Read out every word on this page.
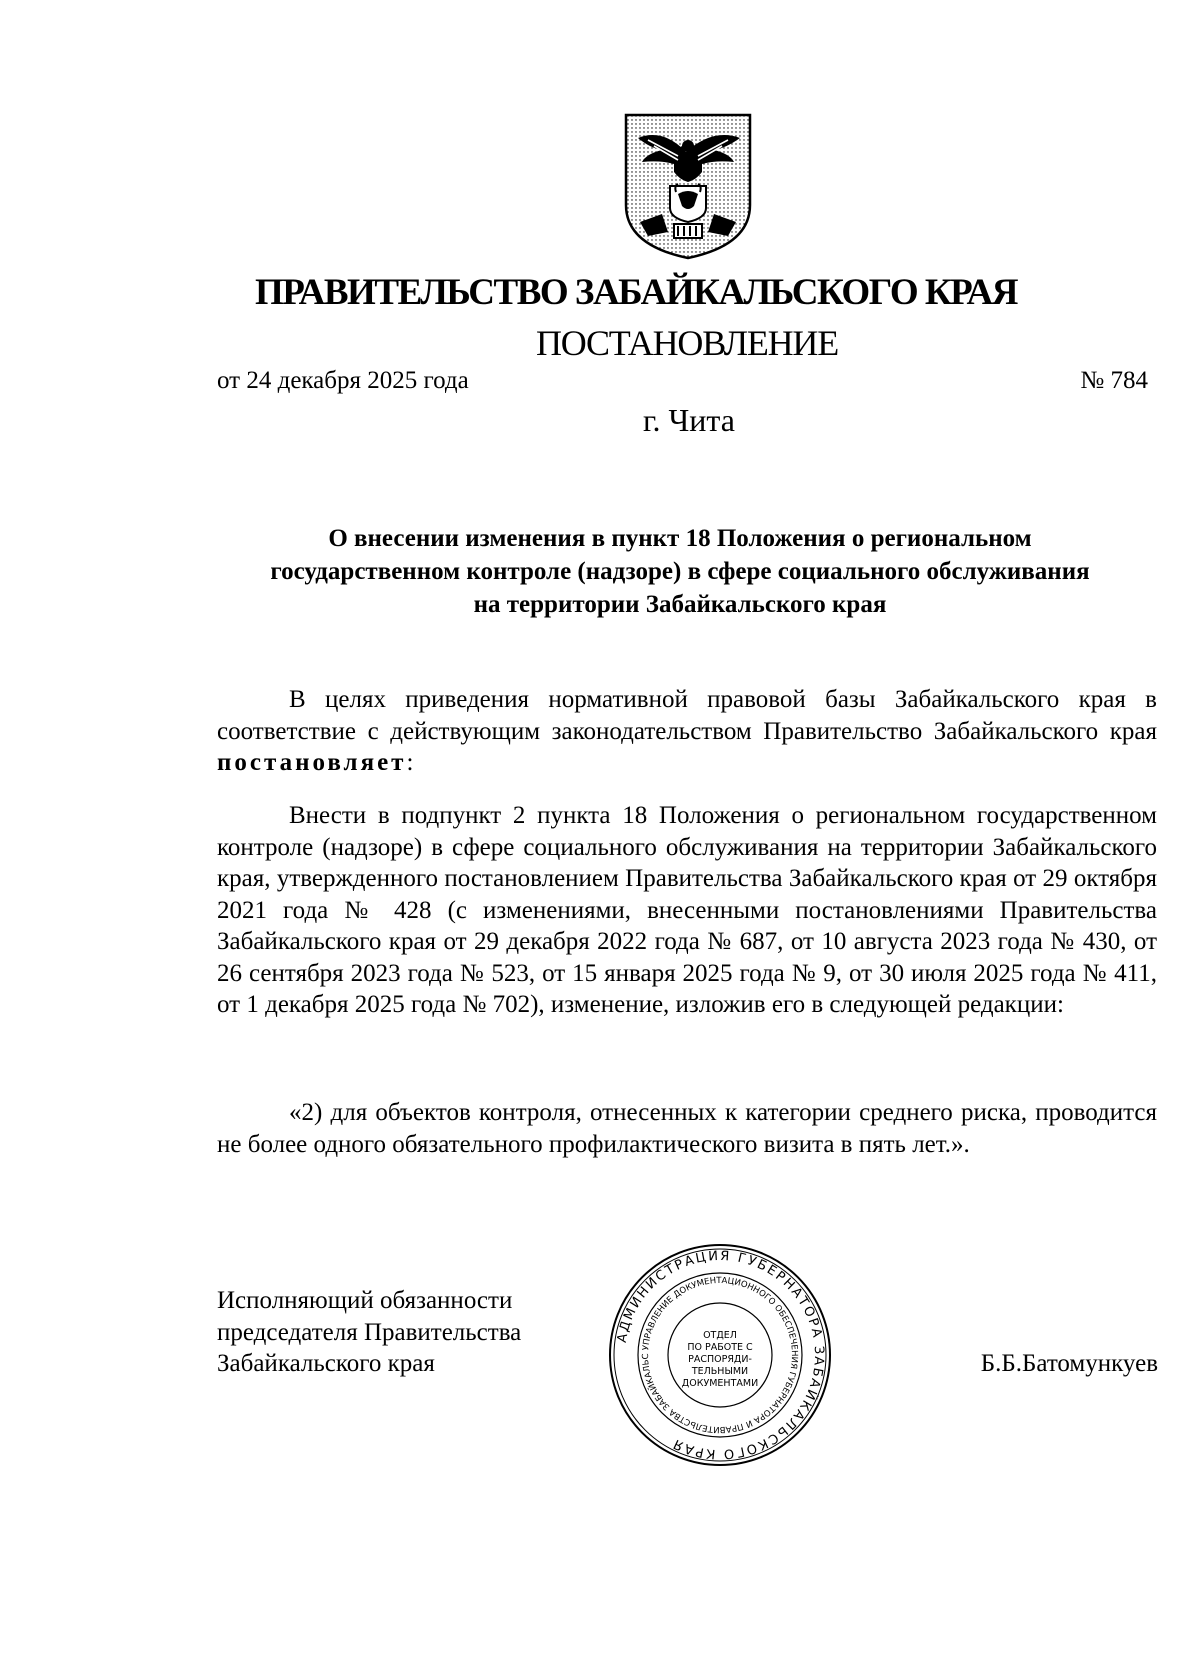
ПРАВИТЕЛЬСТВО ЗАБАЙКАЛЬСКОГО КРАЯ
ПОСТАНОВЛЕНИЕ
от 24 декабря 2025 года	№ 784
г. Чита
О внесении изменения в пункт 18 Положения о региональном
государственном контроле (надзоре) в сфере социального обслуживания
на территории Забайкальского края
В целях приведения нормативной правовой базы Забайкальского края в соответствие с действующим законодательством Правительство Забайкальского края постановляет:
Внести в подпункт 2 пункта 18 Положения о региональном государственном контроле (надзоре) в сфере социального обслуживания на территории Забайкальского края, утвержденного постановлением Правительства Забайкальского края от 29 октября 2021 года № 428 (с изменениями, внесенными постановлениями Правительства Забайкальского края от 29 декабря 2022 года № 687, от 10 августа 2023 года № 430, от 26 сентября 2023 года № 523, от 15 января 2025 года № 9, от 30 июля 2025 года № 411, от 1 декабря 2025 года № 702), изменение, изложив его в следующей редакции:
«2) для объектов контроля, отнесенных к категории среднего риска, проводится не более одного обязательного профилактического визита в пять лет.».
Исполняющий обязанности
председателя Правительства
Забайкальского края	Б.Б.Батомункуев
АДМИНИСТРАЦИЯ ГУБЕРНАТОРА ЗАБАЙКАЛЬСКОГО КРАЯ
УПРАВЛЕНИЕ ДОКУМЕНТАЦИОННОГО ОБЕСПЕЧЕНИЯ ГУБЕРНАТОРА И ПРАВИТЕЛЬСТВА ЗАБАЙКАЛЬС
ОТДЕЛ
ПО РАБОТЕ С
РАСПОРЯДИ-
ТЕЛЬНЫМИ
ДОКУМЕНТАМИ
